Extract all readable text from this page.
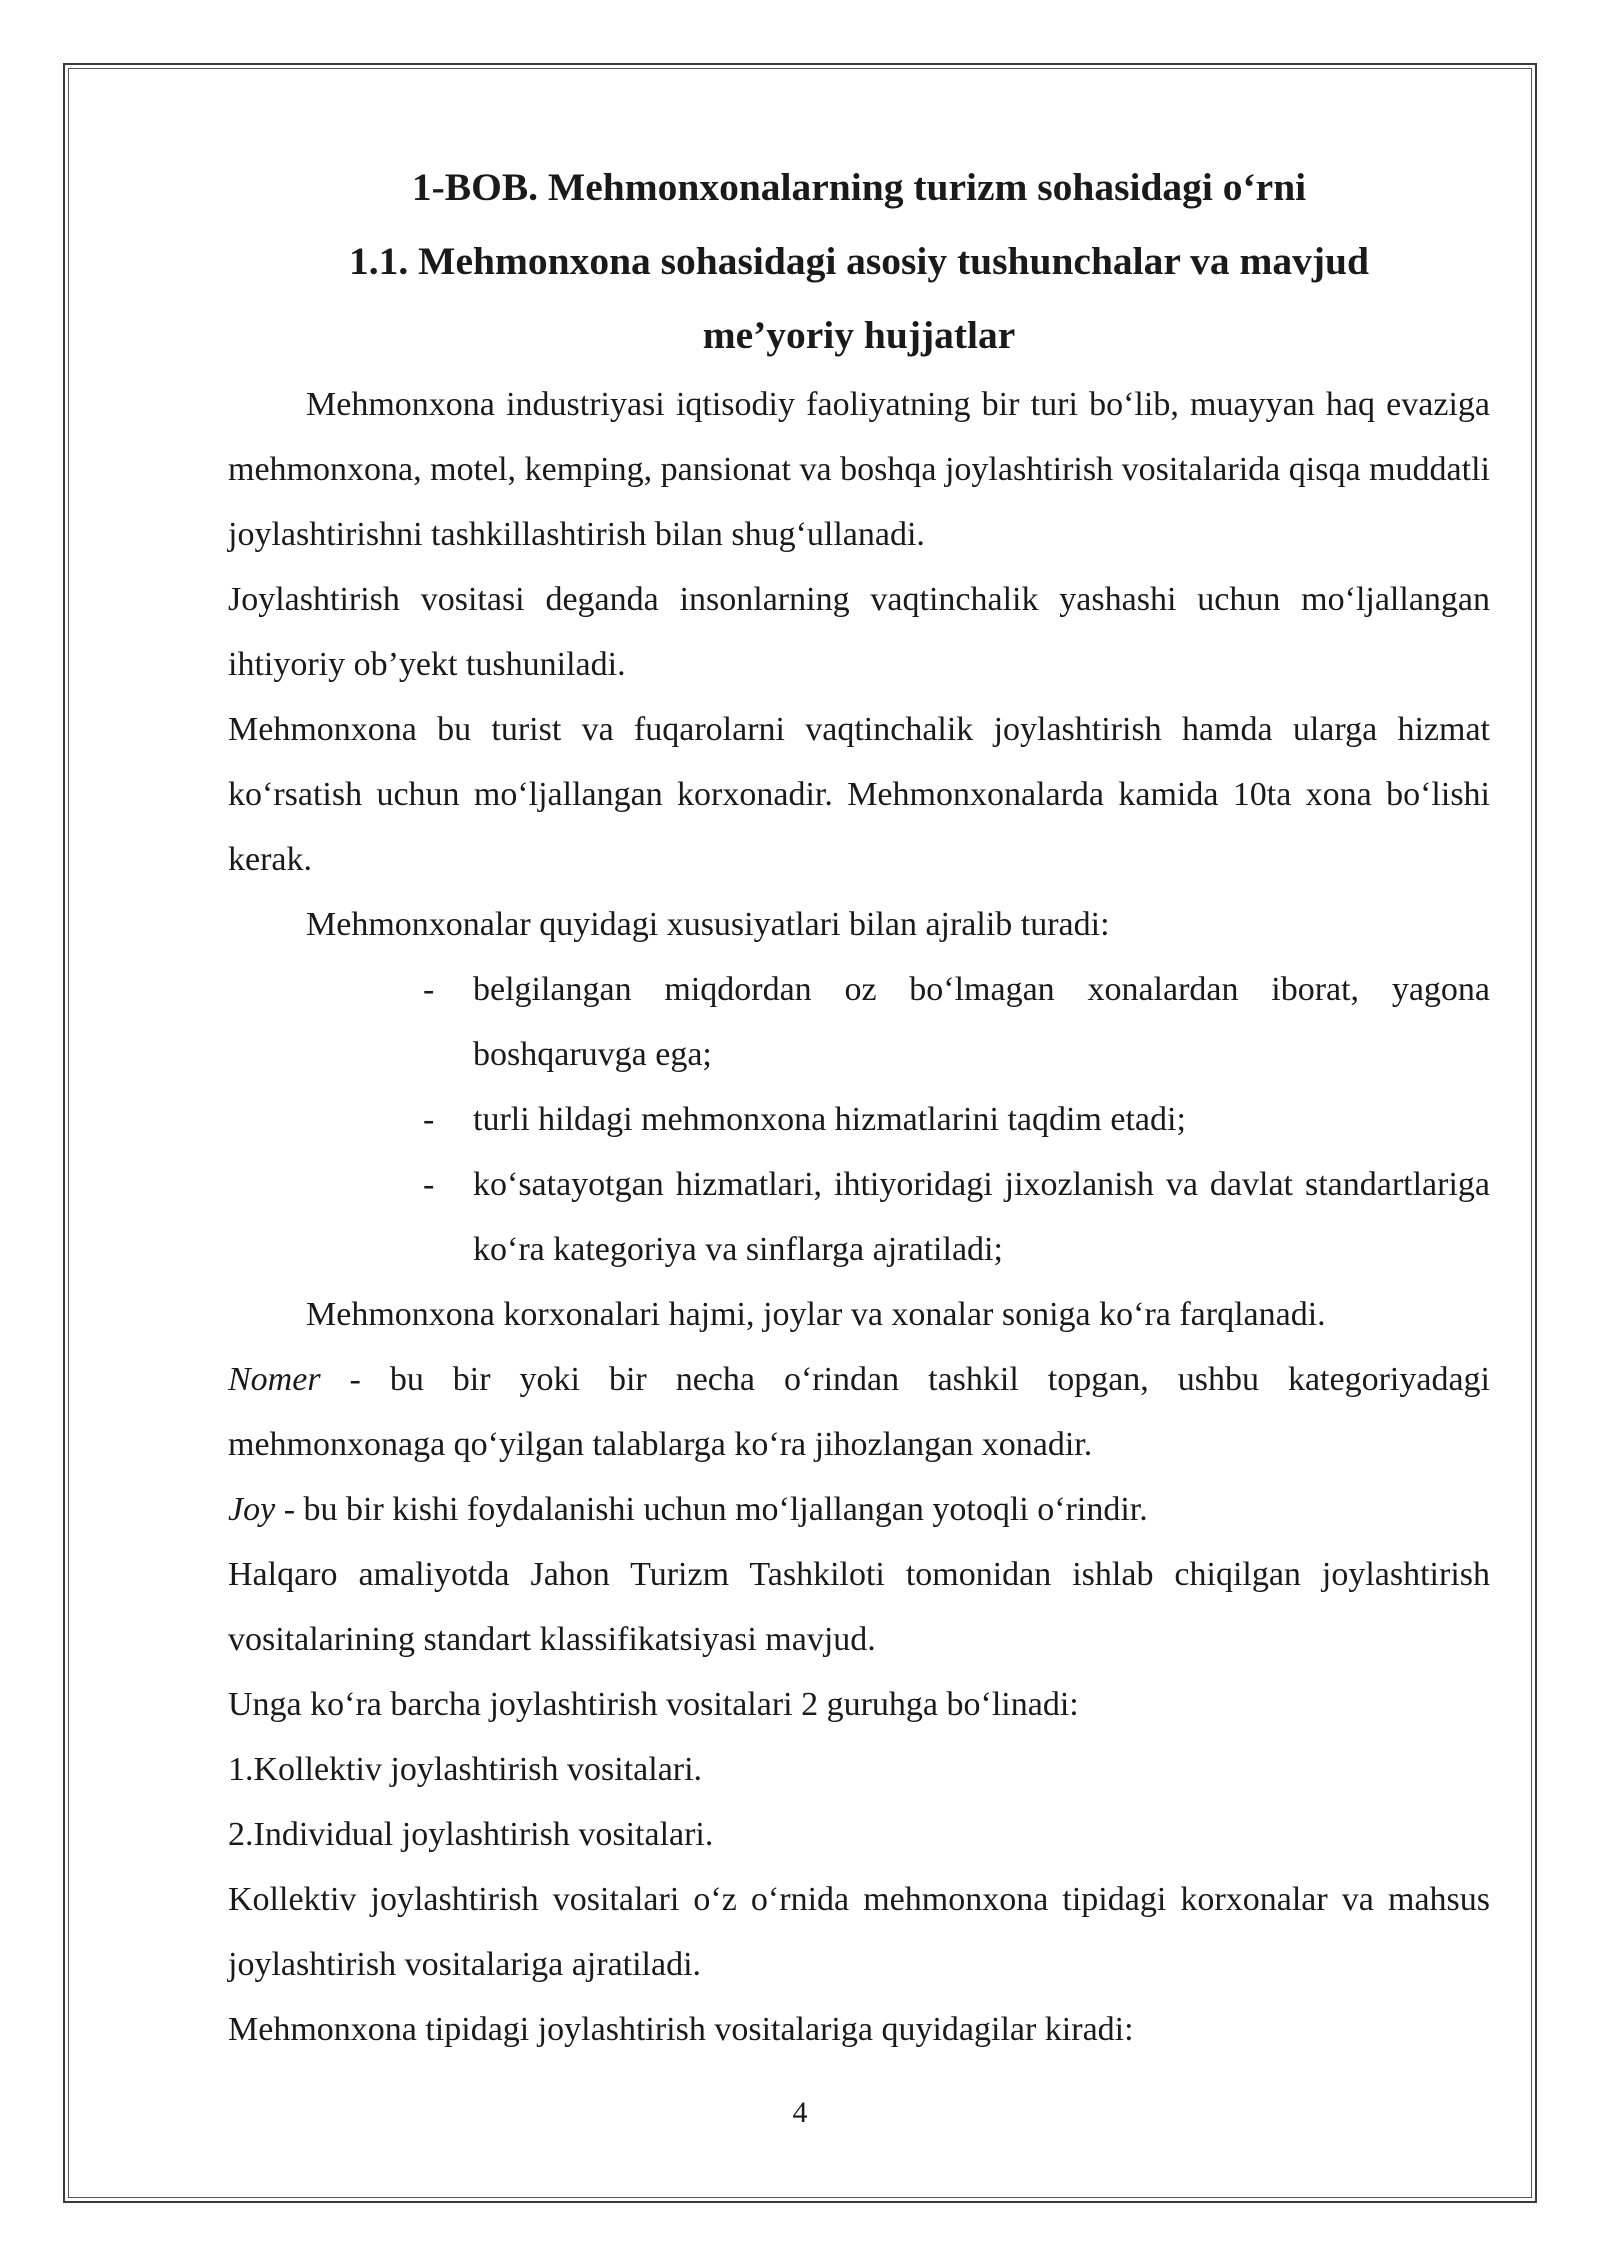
1-BOB. Mehmonxonalarning turizm sohasidagi o‘rni
1.1. Mehmonxona sohasidagi asosiy tushunchalar va mavjud
me’yoriy hujjatlar

Mehmonxona industriyasi iqtisodiy faoliyatning bir turi bo‘lib, muayyan haq evaziga mehmonxona, motel, kemping, pansionat va boshqa joylashtirish vositalarida qisqa muddatli joylashtirishni tashkillashtirish bilan shug‘ullanadi.

Joylashtirish vositasi deganda insonlarning vaqtinchalik yashashi uchun mo‘ljallangan ihtiyoriy ob’yekt tushuniladi.

Mehmonxona bu turist va fuqarolarni vaqtinchalik joylashtirish hamda ularga hizmat ko‘rsatish uchun mo‘ljallangan korxonadir. Mehmonxonalarda kamida 10ta xona bo‘lishi kerak.

Mehmonxonalar quyidagi xususiyatlari bilan ajralib turadi:

- belgilangan miqdordan oz bo‘lmagan xonalardan iborat, yagona boshqaruvga ega;
- turli hildagi mehmonxona hizmatlarini taqdim etadi;
- ko‘satayotgan hizmatlari, ihtiyoridagi jixozlanish va davlat standartlariga ko‘ra kategoriya va sinflarga ajratiladi;

Mehmonxona korxonalari hajmi, joylar va xonalar soniga ko‘ra farqlanadi.

Nomer - bu bir yoki bir necha o‘rindan tashkil topgan, ushbu kategoriyadagi mehmonxonaga qo‘yilgan talablarga ko‘ra jihozlangan xonadir.

Joy - bu bir kishi foydalanishi uchun mo‘ljallangan yotoqli o‘rindir.

Halqaro amaliyotda Jahon Turizm Tashkiloti tomonidan ishlab chiqilgan joylashtirish vositalarining standart klassifikatsiyasi mavjud.

Unga ko‘ra barcha joylashtirish vositalari 2 guruhga bo‘linadi:

1.Kollektiv joylashtirish vositalari.

2.Individual joylashtirish vositalari.

Kollektiv joylashtirish vositalari o‘z o‘rnida mehmonxona tipidagi korxonalar va mahsus joylashtirish vositalariga ajratiladi.

Mehmonxona tipidagi joylashtirish vositalariga quyidagilar kiradi:

4
